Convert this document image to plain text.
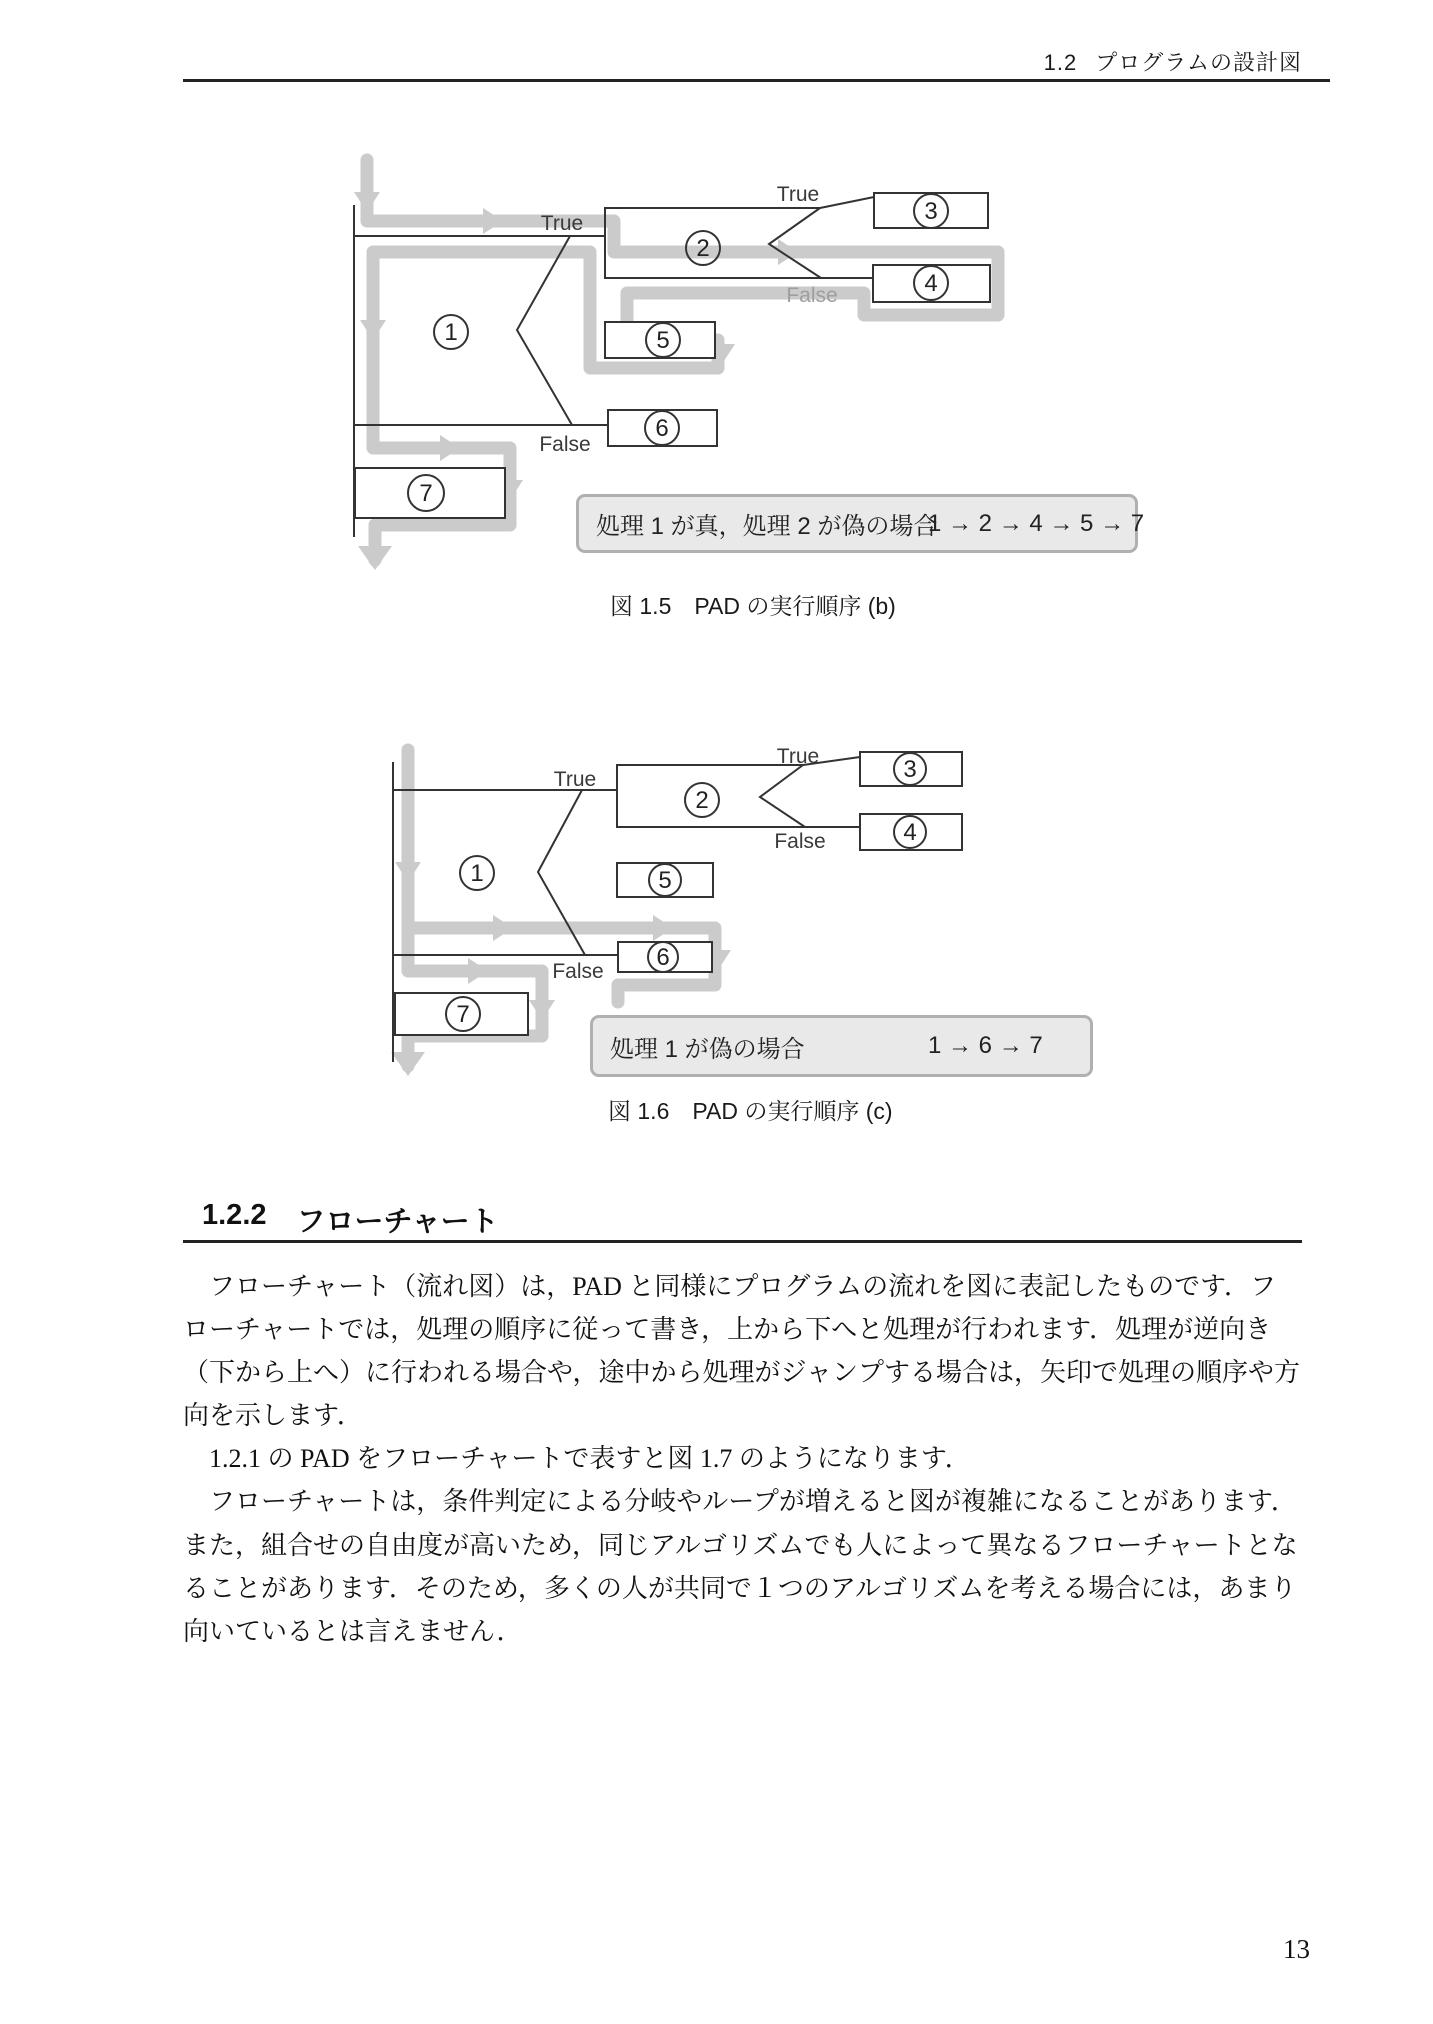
1.2 プログラムの設計図
1
2
3
4
5
6
7
True
True
False
False
処理 1 が真，処理 2 が偽の場合
1 → 2 → 4 → 5 → 7
図 1.5　PAD の実行順序 (b)
1
2
3
4
5
6
7
True
True
False
False
処理 1 が偽の場合	1 → 6 → 7
図 1.6　PAD の実行順序 (c)
1.2.2 フローチャート
　フローチャート（流れ図）は，PAD と同様にプログラムの流れを図に表記したものです．フ
ローチャートでは，処理の順序に従って書き，上から下へと処理が行われます．処理が逆向き
（下から上へ）に行われる場合や，途中から処理がジャンプする場合は，矢印で処理の順序や方
向を示します．
　1.2.1 の PAD をフローチャートで表すと図 1.7 のようになります．
　フローチャートは，条件判定による分岐やループが増えると図が複雑になることがあります．
また，組合せの自由度が高いため，同じアルゴリズムでも人によって異なるフローチャートとな
ることがあります．そのため，多くの人が共同で１つのアルゴリズムを考える場合には，あまり
向いているとは言えません．
13
